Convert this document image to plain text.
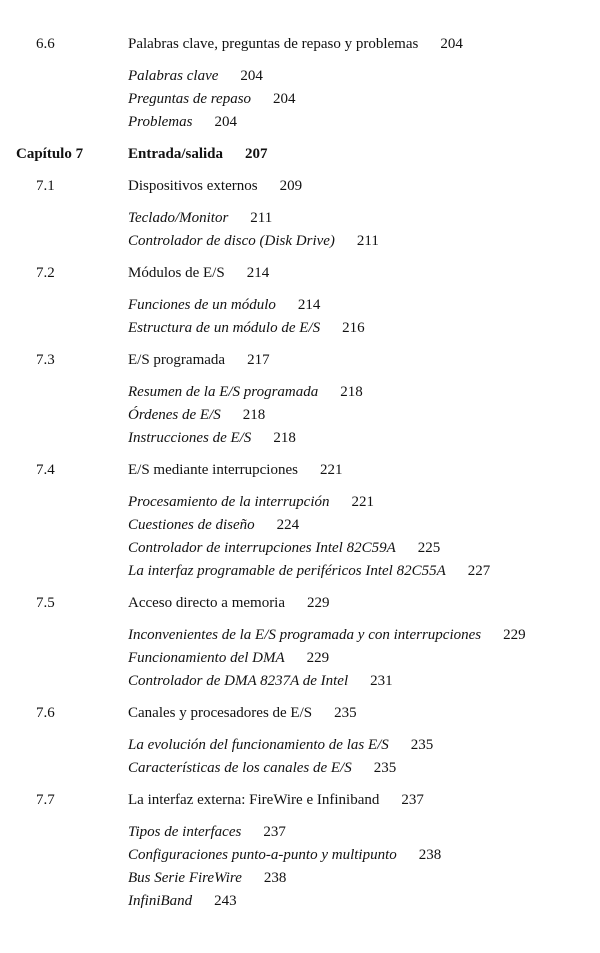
6.6	Palabras clave, preguntas de repaso y problemas 204
Palabras clave 204
Preguntas de repaso 204
Problemas 204
Capítulo 7	Entrada/salida 207
7.1	Dispositivos externos 209
Teclado/Monitor 211
Controlador de disco (Disk Drive) 211
7.2	Módulos de E/S 214
Funciones de un módulo 214
Estructura de un módulo de E/S 216
7.3	E/S programada 217
Resumen de la E/S programada 218
Órdenes de E/S 218
Instrucciones de E/S 218
7.4	E/S mediante interrupciones 221
Procesamiento de la interrupción 221
Cuestiones de diseño 224
Controlador de interrupciones Intel 82C59A 225
La interfaz programable de periféricos Intel 82C55A 227
7.5	Acceso directo a memoria 229
Inconvenientes de la E/S programada y con interrupciones 229
Funcionamiento del DMA 229
Controlador de DMA 8237A de Intel 231
7.6	Canales y procesadores de E/S 235
La evolución del funcionamiento de las E/S 235
Características de los canales de E/S 235
7.7	La interfaz externa: FireWire e Infiniband 237
Tipos de interfaces 237
Configuraciones punto-a-punto y multipunto 238
Bus Serie FireWire 238
InfiniBand 243
